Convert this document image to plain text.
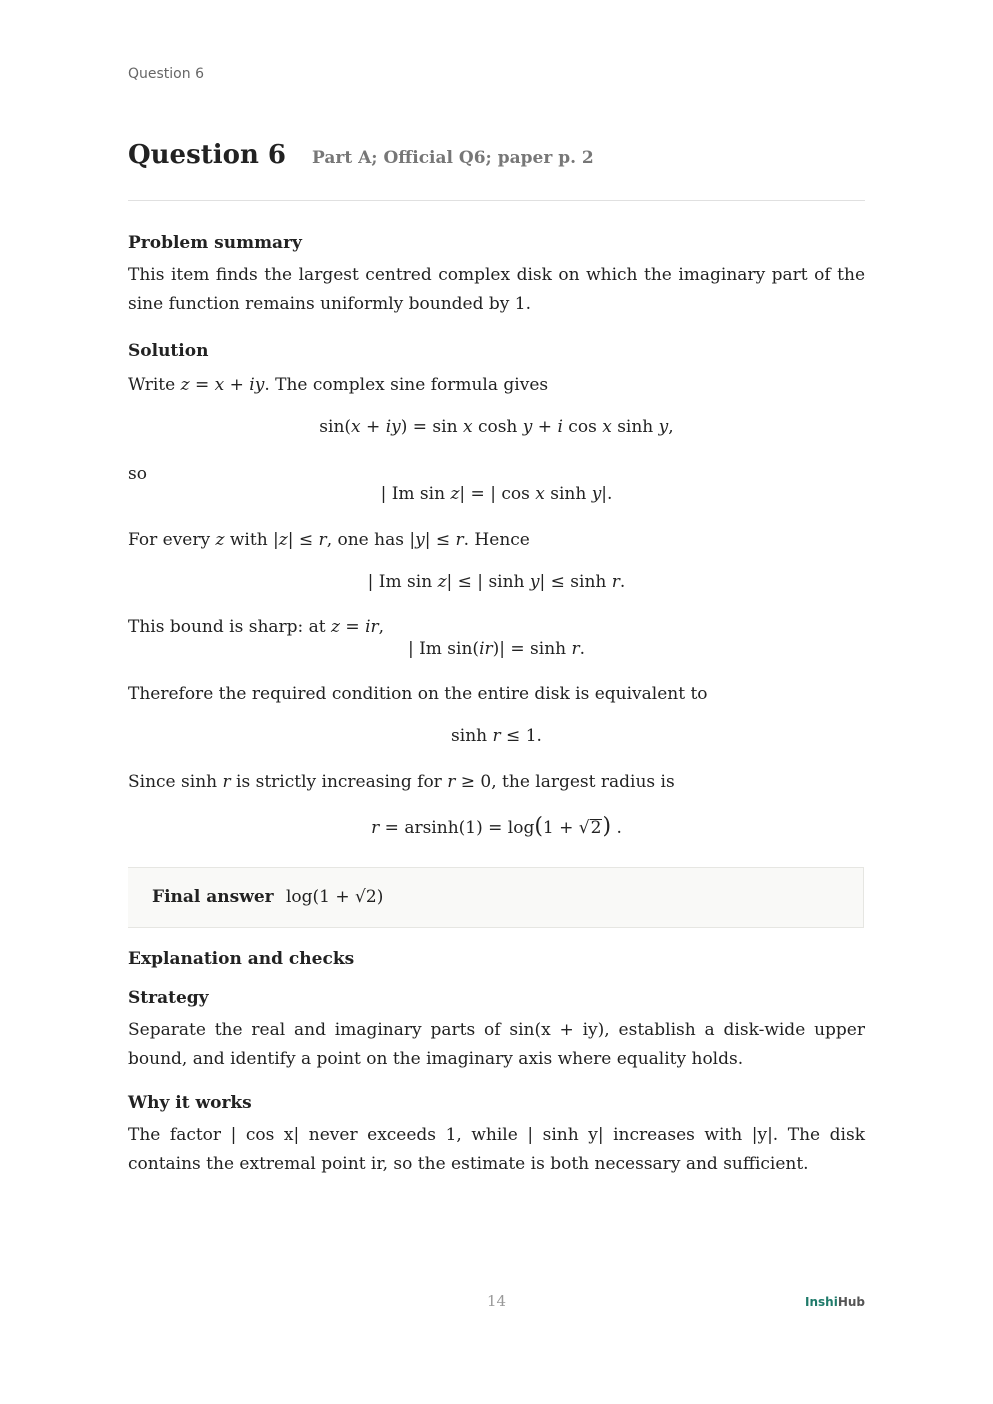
Question 6
Question 6 Part A; Official Q6; paper p. 2
Problem summary
This item finds the largest centred complex disk on which the imaginary part of the sine function remains uniformly bounded by 1.
Solution
Write z = x + iy. The complex sine formula gives
sin(x + iy) = sin x cosh y + i cos x sinh y,
so
| Im sin z| = | cos x sinh y|.
For every z with |z| ≤ r, one has |y| ≤ r. Hence
| Im sin z| ≤ | sinh y| ≤ sinh r.
This bound is sharp: at z = ir,
| Im sin(ir)| = sinh r.
Therefore the required condition on the entire disk is equivalent to
sinh r ≤ 1.
Since sinh r is strictly increasing for r ≥ 0, the largest radius is
r = arsinh(1) = log(1 + √2) .
Final answer log(1 + √2)
Explanation and checks
Strategy
Separate the real and imaginary parts of sin(x + iy), establish a disk-wide upper bound, and identify a point on the imaginary axis where equality holds.
Why it works
The factor | cos x| never exceeds 1, while | sinh y| increases with |y|. The disk contains the extremal point ir, so the estimate is both necessary and sufficient.
14	InshiHub
